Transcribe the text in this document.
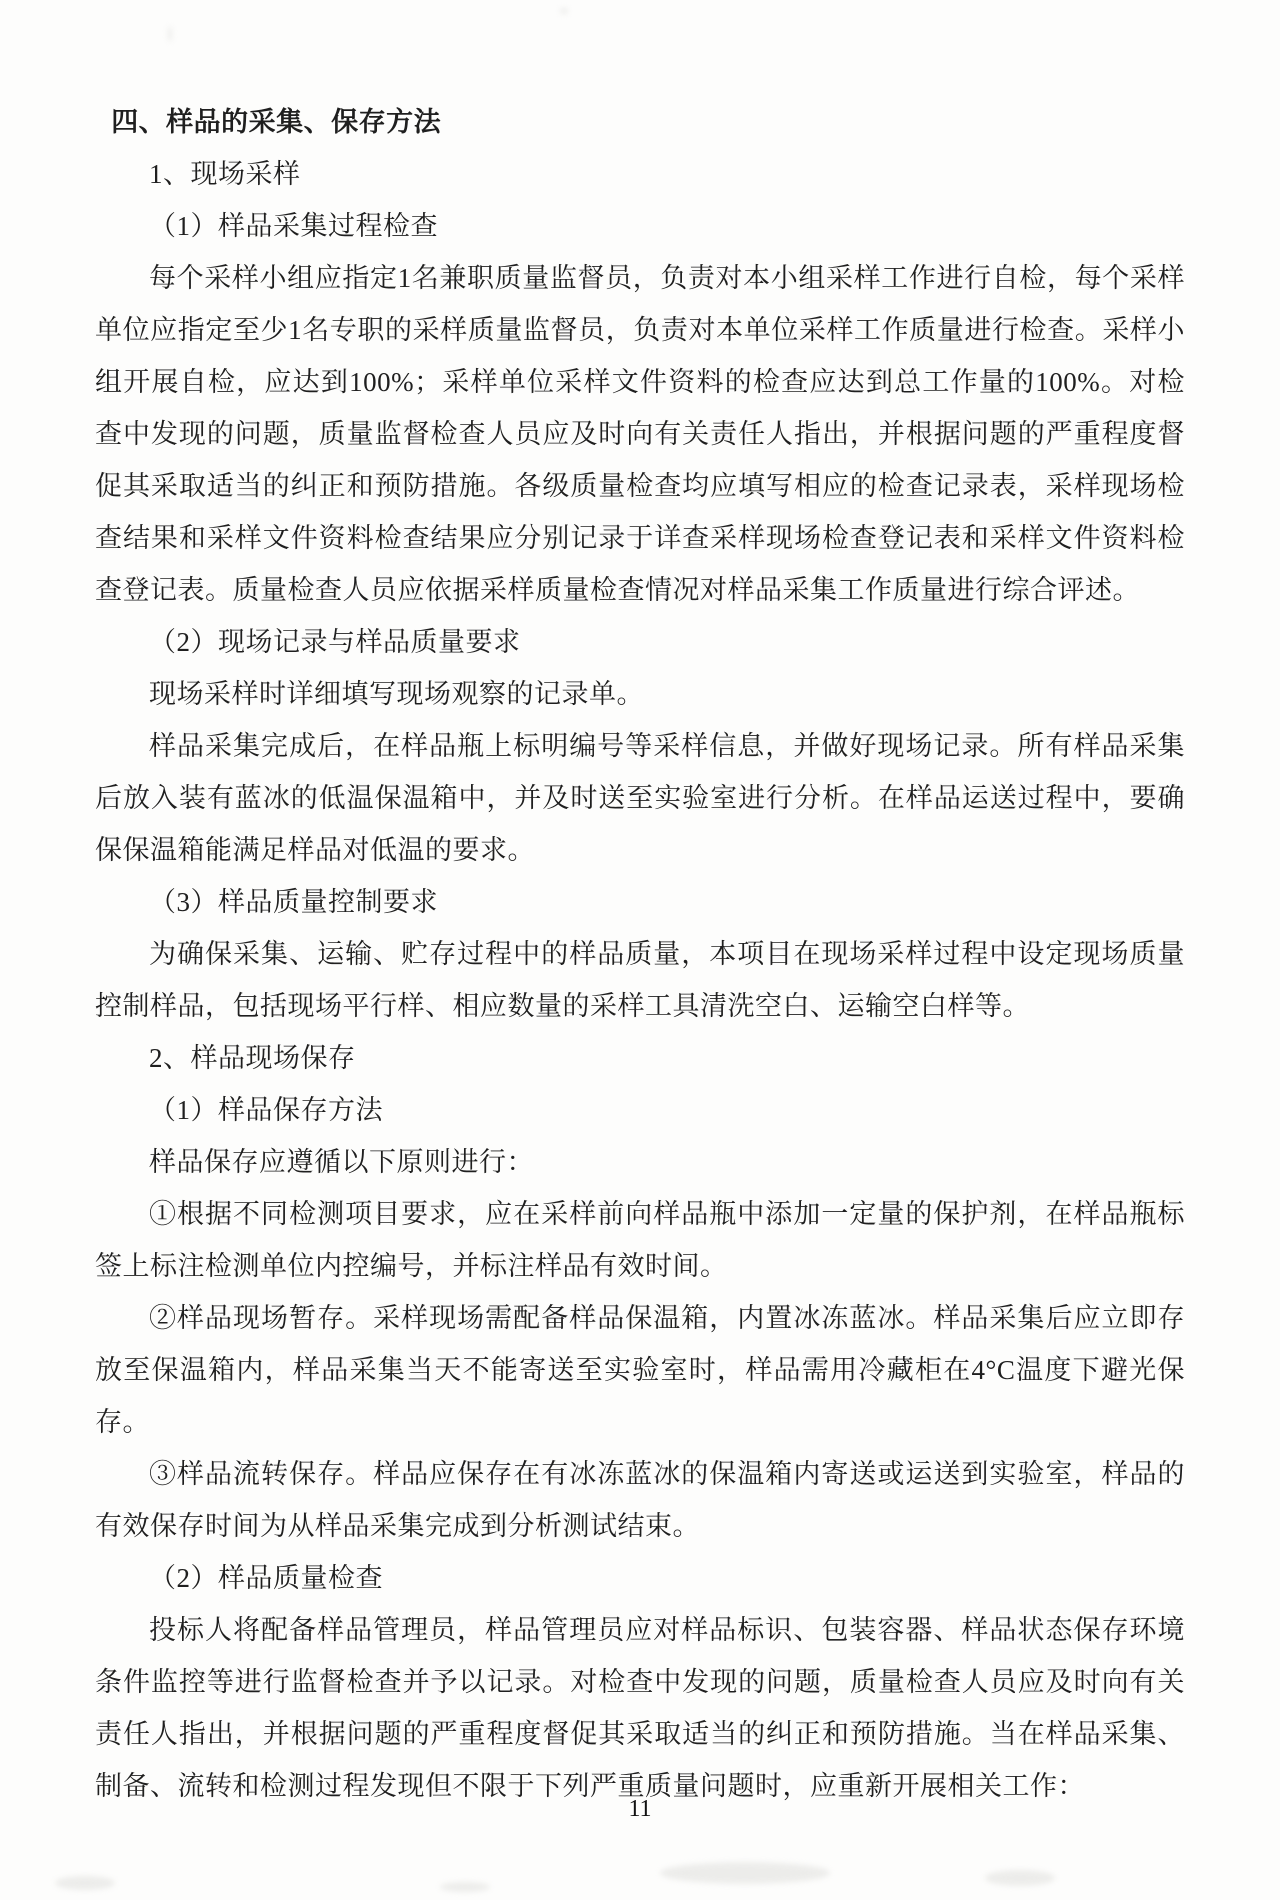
四、样品的采集、保存方法
1、现场采样
（1）样品采集过程检查
每个采样小组应指定1名兼职质量监督员，负责对本小组采样工作进行自检，每个采样单位应指定至少1名专职的采样质量监督员，负责对本单位采样工作质量进行检查。采样小组开展自检，应达到100%；采样单位采样文件资料的检查应达到总工作量的100%。对检查中发现的问题，质量监督检查人员应及时向有关责任人指出，并根据问题的严重程度督促其采取适当的纠正和预防措施。各级质量检查均应填写相应的检查记录表，采样现场检查结果和采样文件资料检查结果应分别记录于详查采样现场检查登记表和采样文件资料检查登记表。质量检查人员应依据采样质量检查情况对样品采集工作质量进行综合评述。
（2）现场记录与样品质量要求
现场采样时详细填写现场观察的记录单。
样品采集完成后，在样品瓶上标明编号等采样信息，并做好现场记录。所有样品采集后放入装有蓝冰的低温保温箱中，并及时送至实验室进行分析。在样品运送过程中，要确保保温箱能满足样品对低温的要求。
（3）样品质量控制要求
为确保采集、运输、贮存过程中的样品质量，本项目在现场采样过程中设定现场质量控制样品，包括现场平行样、相应数量的采样工具清洗空白、运输空白样等。
2、样品现场保存
（1）样品保存方法
样品保存应遵循以下原则进行：
①根据不同检测项目要求，应在采样前向样品瓶中添加一定量的保护剂，在样品瓶标签上标注检测单位内控编号，并标注样品有效时间。
②样品现场暂存。采样现场需配备样品保温箱，内置冰冻蓝冰。样品采集后应立即存放至保温箱内，样品采集当天不能寄送至实验室时，样品需用冷藏柜在4°C温度下避光保存。
③样品流转保存。样品应保存在有冰冻蓝冰的保温箱内寄送或运送到实验室，样品的有效保存时间为从样品采集完成到分析测试结束。
（2）样品质量检查
投标人将配备样品管理员，样品管理员应对样品标识、包装容器、样品状态保存环境条件监控等进行监督检查并予以记录。对检查中发现的问题，质量检查人员应及时向有关责任人指出，并根据问题的严重程度督促其采取适当的纠正和预防措施。当在样品采集、制备、流转和检测过程发现但不限于下列严重质量问题时，应重新开展相关工作：
11
